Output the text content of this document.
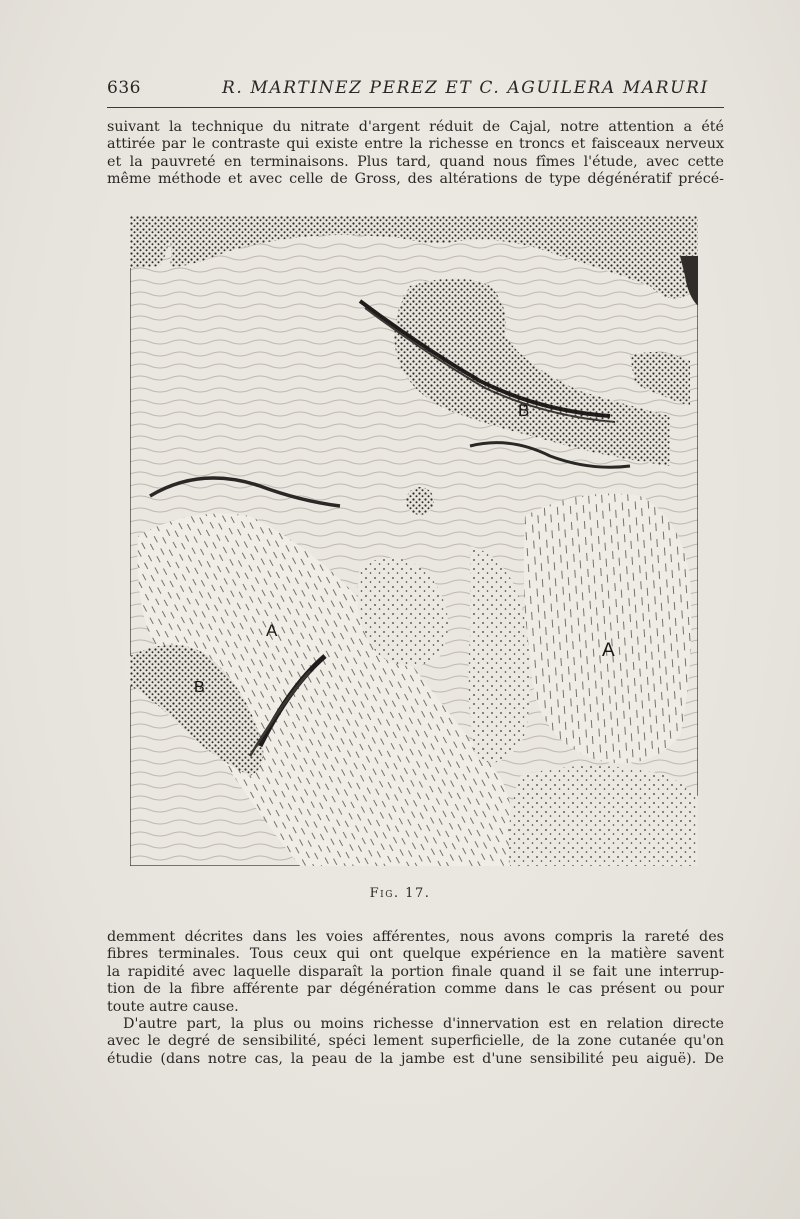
636	R. MARTINEZ PEREZ ET C. AGUILERA MARURI
suivant la technique du nitrate d'argent réduit de Cajal, notre attention a été
attirée par le contraste qui existe entre la richesse en troncs et faisceaux nerveux
et la pauvreté en terminaisons. Plus tard, quand nous fîmes l'étude, avec cette
même méthode et avec celle de Gross, des altérations de type dégénératif précé-
B
A
A
B
Fig. 17.
demment décrites dans les voies afférentes, nous avons compris la rareté des
fibres terminales. Tous ceux qui ont quelque expérience en la matière savent
la rapidité avec laquelle disparaît la portion finale quand il se fait une interrup-
tion de la fibre afférente par dégénération comme dans le cas présent ou pour
toute autre cause.
D'autre part, la plus ou moins richesse d'innervation est en relation directe
avec le degré de sensibilité, spéci lement superficielle, de la zone cutanée qu'on
étudie (dans notre cas, la peau de la jambe est d'une sensibilité peu aiguë). De
